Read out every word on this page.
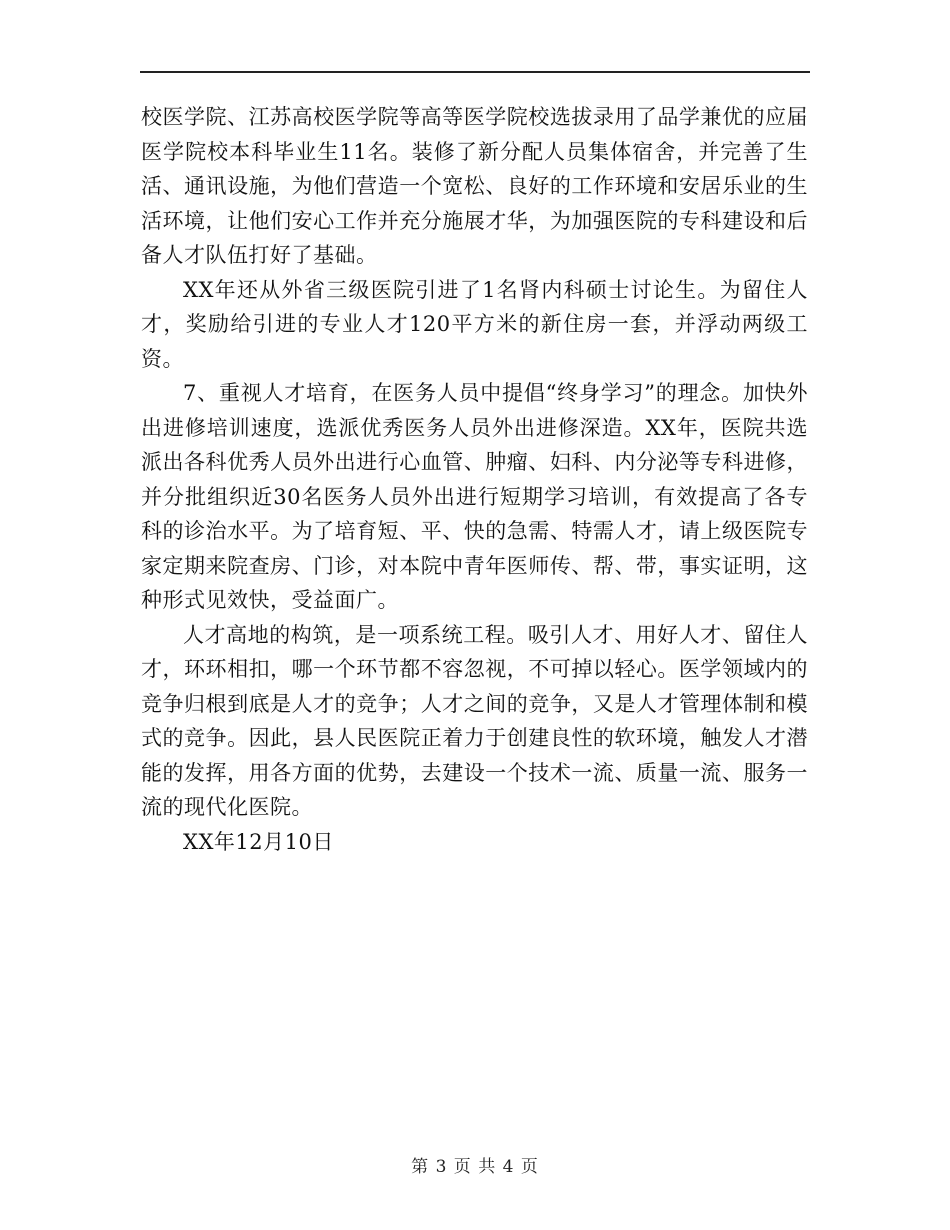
校医学院、江苏高校医学院等高等医学院校选拔录用了品学兼优的应届医学院校本科毕业生11名。装修了新分配人员集体宿舍，并完善了生活、通讯设施，为他们营造一个宽松、良好的工作环境和安居乐业的生活环境，让他们安心工作并充分施展才华，为加强医院的专科建设和后备人才队伍打好了基础。

XX年还从外省三级医院引进了1名肾内科硕士讨论生。为留住人才，奖励给引进的专业人才120平方米的新住房一套，并浮动两级工资。

7、重视人才培育，在医务人员中提倡“终身学习”的理念。加快外出进修培训速度，选派优秀医务人员外出进修深造。XX年，医院共选派出各科优秀人员外出进行心血管、肿瘤、妇科、内分泌等专科进修，并分批组织近30名医务人员外出进行短期学习培训，有效提高了各专科的诊治水平。为了培育短、平、快的急需、特需人才，请上级医院专家定期来院查房、门诊，对本院中青年医师传、帮、带，事实证明，这种形式见效快，受益面广。

人才高地的构筑，是一项系统工程。吸引人才、用好人才、留住人才，环环相扣，哪一个环节都不容忽视，不可掉以轻心。医学领域内的竞争归根到底是人才的竞争；人才之间的竞争，又是人才管理体制和模式的竞争。因此，县人民医院正着力于创建良性的软环境，触发人才潜能的发挥，用各方面的优势，去建设一个技术一流、质量一流、服务一流的现代化医院。

XX年12月10日

第 3 页 共 4 页
